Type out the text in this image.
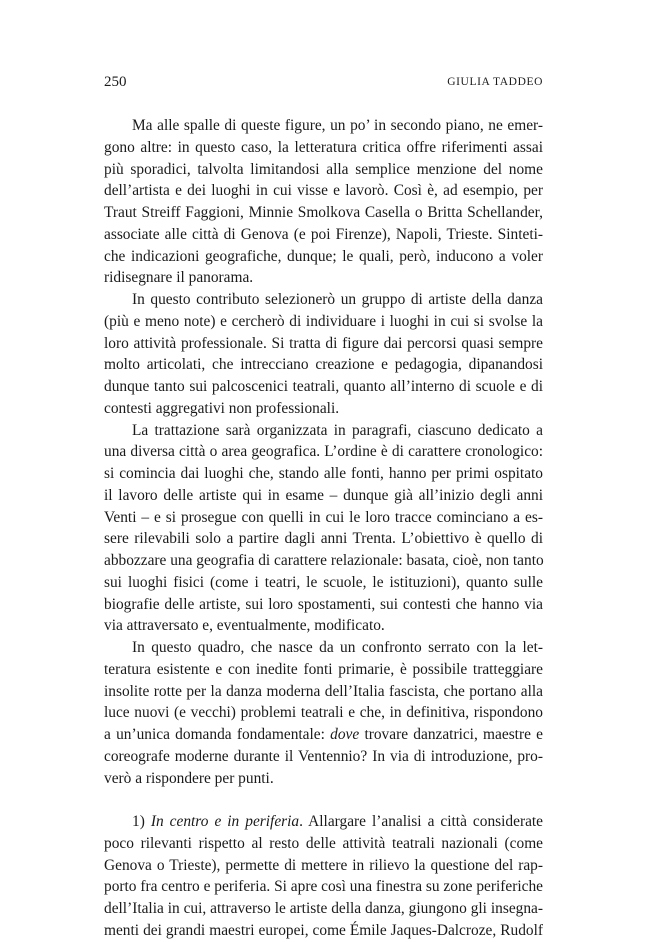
250	GIULIA TADDEO
Ma alle spalle di queste figure, un po’ in secondo piano, ne emer-
gono altre: in questo caso, la letteratura critica offre riferimenti assai
più sporadici, talvolta limitandosi alla semplice menzione del nome
dell’artista e dei luoghi in cui visse e lavorò. Così è, ad esempio, per
Traut Streiff Faggioni, Minnie Smolkova Casella o Britta Schellander,
associate alle città di Genova (e poi Firenze), Napoli, Trieste. Sinteti-
che indicazioni geografiche, dunque; le quali, però, inducono a voler
ridisegnare il panorama.
In questo contributo selezionerò un gruppo di artiste della danza
(più e meno note) e cercherò di individuare i luoghi in cui si svolse la
loro attività professionale. Si tratta di figure dai percorsi quasi sempre
molto articolati, che intrecciano creazione e pedagogia, dipanandosi
dunque tanto sui palcoscenici teatrali, quanto all’interno di scuole e di
contesti aggregativi non professionali.
La trattazione sarà organizzata in paragrafi, ciascuno dedicato a
una diversa città o area geografica. L’ordine è di carattere cronologico:
si comincia dai luoghi che, stando alle fonti, hanno per primi ospitato
il lavoro delle artiste qui in esame – dunque già all’inizio degli anni
Venti – e si prosegue con quelli in cui le loro tracce cominciano a es-
sere rilevabili solo a partire dagli anni Trenta. L’obiettivo è quello di
abbozzare una geografia di carattere relazionale: basata, cioè, non tanto
sui luoghi fisici (come i teatri, le scuole, le istituzioni), quanto sulle
biografie delle artiste, sui loro spostamenti, sui contesti che hanno via
via attraversato e, eventualmente, modificato.
In questo quadro, che nasce da un confronto serrato con la let-
teratura esistente e con inedite fonti primarie, è possibile tratteggiare
insolite rotte per la danza moderna dell’Italia fascista, che portano alla
luce nuovi (e vecchi) problemi teatrali e che, in definitiva, rispondono
a un’unica domanda fondamentale: dove trovare danzatrici, maestre e
coreografe moderne durante il Ventennio? In via di introduzione, pro-
verò a rispondere per punti.
1) In centro e in periferia. Allargare l’analisi a città considerate
poco rilevanti rispetto al resto delle attività teatrali nazionali (come
Genova o Trieste), permette di mettere in rilievo la questione del rap-
porto fra centro e periferia. Si apre così una finestra su zone periferiche
dell’Italia in cui, attraverso le artiste della danza, giungono gli insegna-
menti dei grandi maestri europei, come Émile Jaques-Dalcroze, Rudolf
